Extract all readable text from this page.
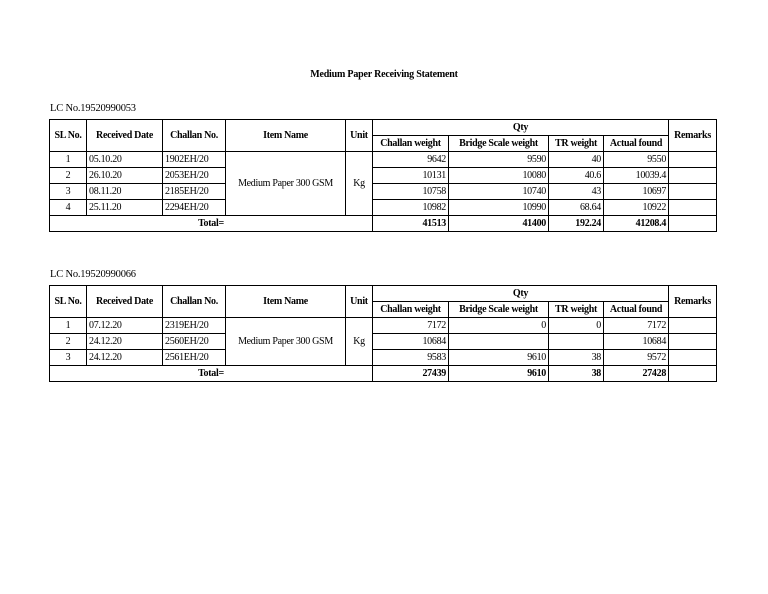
Medium Paper Receiving Statement
LC No.19520990053
SL No.	Received Date	Challan No.	Item Name	Unit	Qty				Remarks
					Challan weight	Bridge Scale weight	TR weight	Actual found	
1	05.10.20	1902EH/20	Medium Paper 300 GSM	Kg	9642	9590	40	9550	
2	26.10.20	2053EH/20			10131	10080	40.6	10039.4	
3	08.11.20	2185EH/20			10758	10740	43	10697	
4	25.11.20	2294EH/20			10982	10990	68.64	10922	
Total=					41513	41400	192.24	41208.4	
LC No.19520990066
SL No.	Received Date	Challan No.	Item Name	Unit	Qty				Remarks
					Challan weight	Bridge Scale weight	TR weight	Actual found	
1	07.12.20	2319EH/20	Medium Paper 300 GSM	Kg	7172	0	0	7172	
2	24.12.20	2560EH/20			10684			10684	
3	24.12.20	2561EH/20			9583	9610	38	9572	
Total=					27439	9610	38	27428	
